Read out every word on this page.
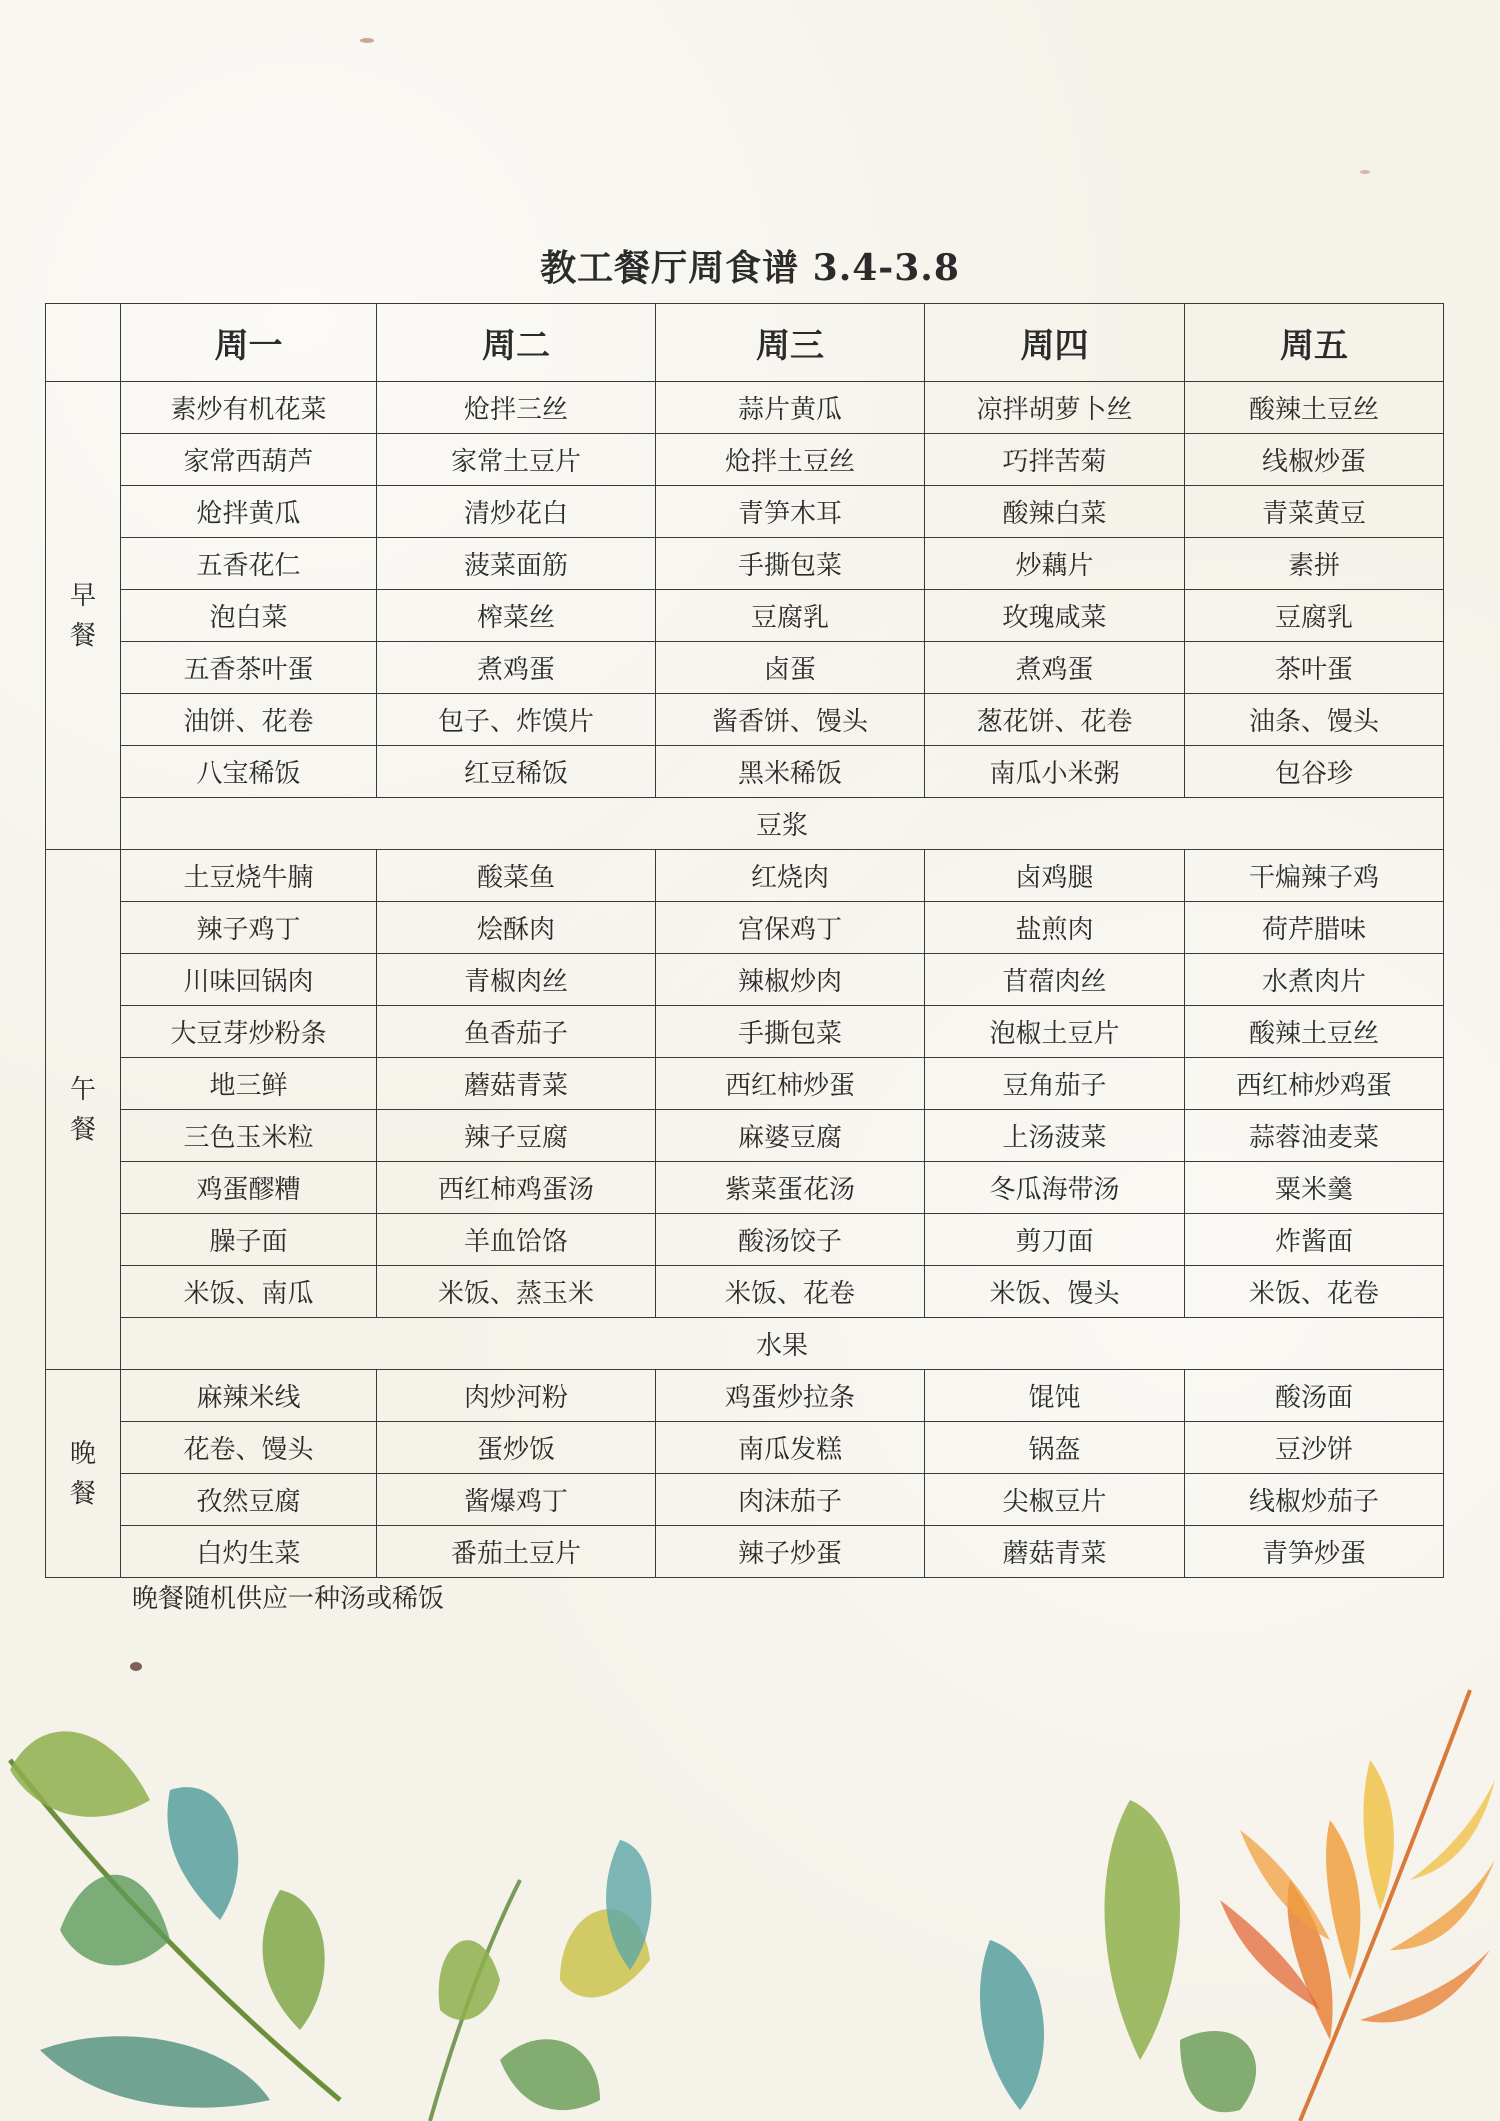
教工餐厅周食谱 3.4-3.8
	周一	周二	周三	周四	周五

早
餐	素炒有机花菜	炝拌三丝	蒜片黄瓜	凉拌胡萝卜丝	酸辣土豆丝
	家常西葫芦	家常土豆片	炝拌土豆丝	巧拌苦菊	线椒炒蛋
	炝拌黄瓜	清炒花白	青笋木耳	酸辣白菜	青菜黄豆
	五香花仁	菠菜面筋	手撕包菜	炒藕片	素拼
	泡白菜	榨菜丝	豆腐乳	玫瑰咸菜	豆腐乳
	五香茶叶蛋	煮鸡蛋	卤蛋	煮鸡蛋	茶叶蛋
	油饼、花卷	包子、炸馍片	酱香饼、馒头	葱花饼、花卷	油条、馒头
	八宝稀饭	红豆稀饭	黑米稀饭	南瓜小米粥	包谷珍
	豆浆				

午
餐	土豆烧牛腩	酸菜鱼	红烧肉	卤鸡腿	干煸辣子鸡
	辣子鸡丁	烩酥肉	宫保鸡丁	盐煎肉	荷芹腊味
	川味回锅肉	青椒肉丝	辣椒炒肉	苜蓿肉丝	水煮肉片
	大豆芽炒粉条	鱼香茄子	手撕包菜	泡椒土豆片	酸辣土豆丝
	地三鲜	蘑菇青菜	西红柿炒蛋	豆角茄子	西红柿炒鸡蛋
	三色玉米粒	辣子豆腐	麻婆豆腐	上汤菠菜	蒜蓉油麦菜
	鸡蛋醪糟	西红柿鸡蛋汤	紫菜蛋花汤	冬瓜海带汤	粟米羹
	臊子面	羊血饸饹	酸汤饺子	剪刀面	炸酱面
	米饭、南瓜	米饭、蒸玉米	米饭、花卷	米饭、馒头	米饭、花卷
	水果				

晚
餐	麻辣米线	肉炒河粉	鸡蛋炒拉条	馄饨	酸汤面
	花卷、馒头	蛋炒饭	南瓜发糕	锅盔	豆沙饼
	孜然豆腐	酱爆鸡丁	肉沫茄子	尖椒豆片	线椒炒茄子
	白灼生菜	番茄土豆片	辣子炒蛋	蘑菇青菜	青笋炒蛋
晚餐随机供应一种汤或稀饭
